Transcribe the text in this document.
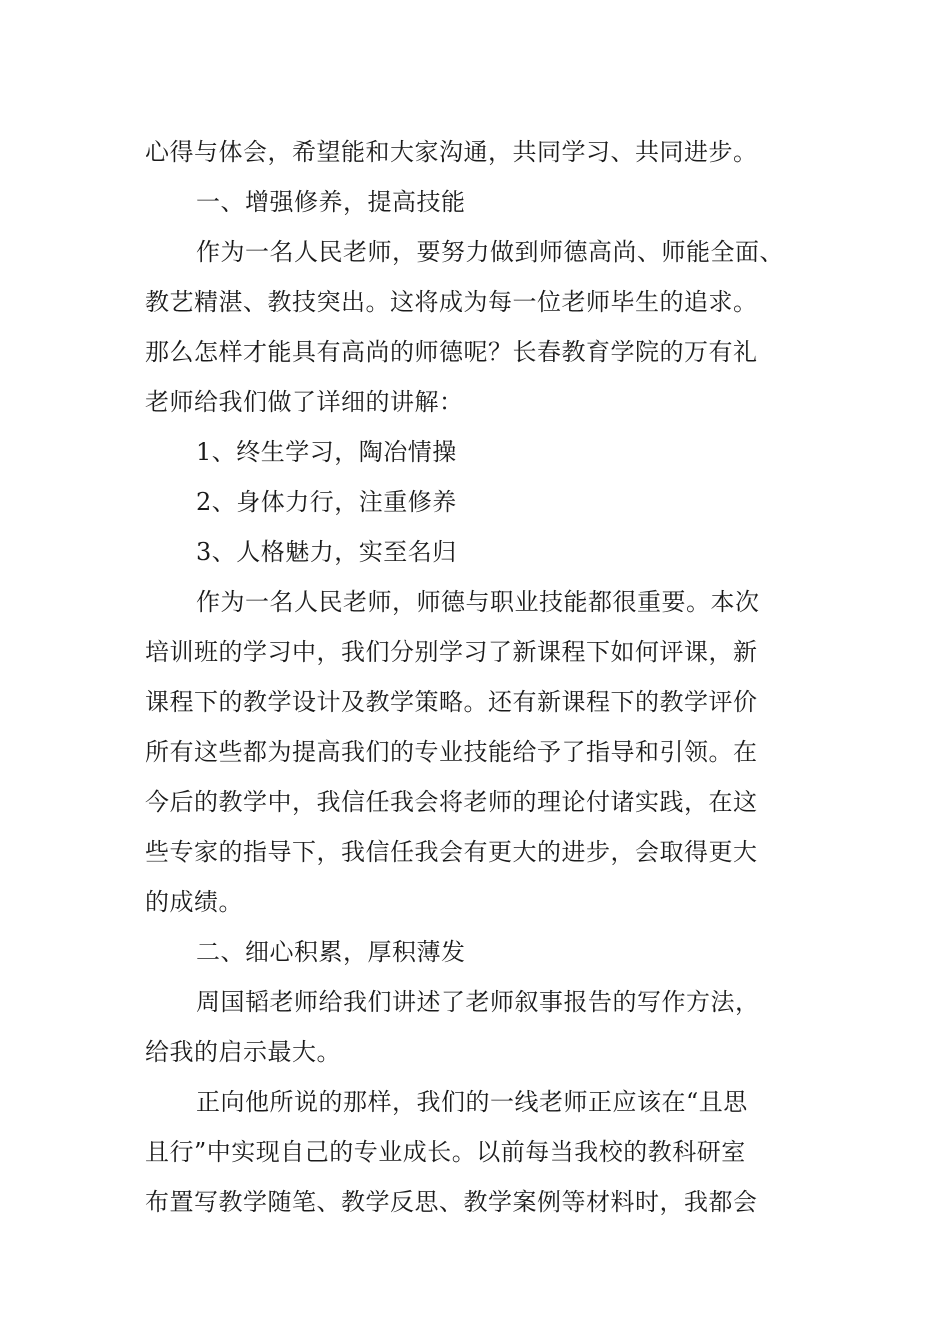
心得与体会，希望能和大家沟通，共同学习、共同进步。
一、增强修养，提高技能
作为一名人民老师，要努力做到师德高尚、师能全面、
教艺精湛、教技突出。这将成为每一位老师毕生的追求。
那么怎样才能具有高尚的师德呢？长春教育学院的万有礼
老师给我们做了详细的讲解：
1、终生学习，陶冶情操
2、身体力行，注重修养
3、人格魅力，实至名归
作为一名人民老师，师德与职业技能都很重要。本次
培训班的学习中，我们分别学习了新课程下如何评课，新
课程下的教学设计及教学策略。还有新课程下的教学评价
所有这些都为提高我们的专业技能给予了指导和引领。在
今后的教学中，我信任我会将老师的理论付诸实践，在这
些专家的指导下，我信任我会有更大的进步，会取得更大
的成绩。
二、细心积累，厚积薄发
周国韬老师给我们讲述了老师叙事报告的写作方法，
给我的启示最大。
正向他所说的那样，我们的一线老师正应该在“且思
且行”中实现自己的专业成长。以前每当我校的教科研室
布置写教学随笔、教学反思、教学案例等材料时，我都会
